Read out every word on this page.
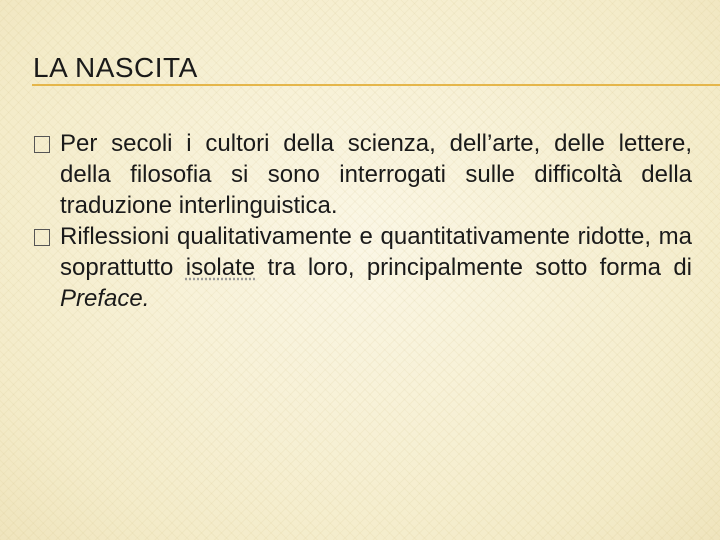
LA NASCITA

Per secoli i cultori della scienza, dell’arte, delle lettere, della filosofia si sono interrogati sulle difficoltà della traduzione interlinguistica.

Riflessioni qualitativamente e quantitativamente ridotte, ma soprattutto isolate tra loro, principalmente sotto forma di Preface.
